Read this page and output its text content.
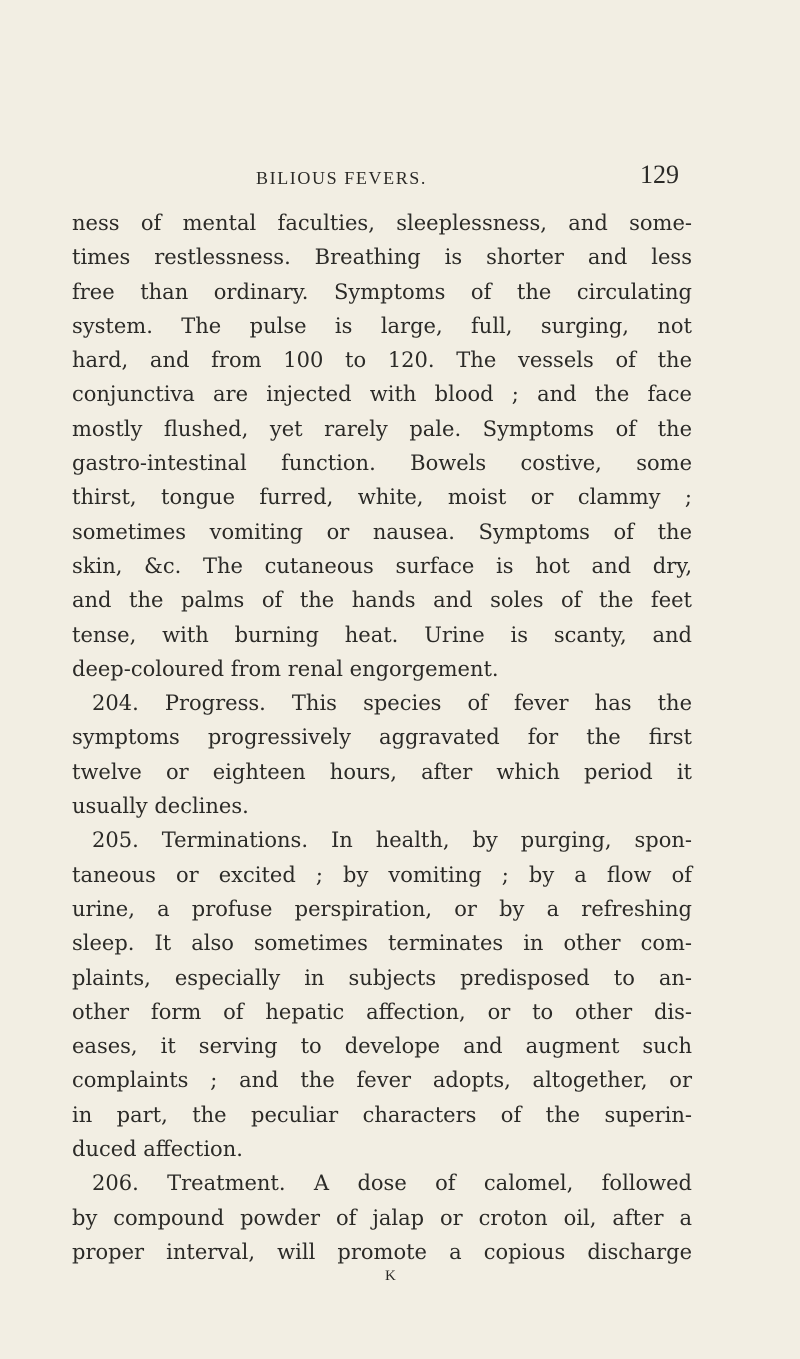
BILIOUS FEVERS.	129
ness of mental faculties, sleeplessness, and some-
times restlessness. Breathing is shorter and less
free than ordinary. Symptoms of the circulating
system. The pulse is large, full, surging, not
hard, and from 100 to 120. The vessels of the
conjunctiva are injected with blood ; and the face
mostly flushed, yet rarely pale. Symptoms of the
gastro-intestinal function. Bowels costive, some
thirst, tongue furred, white, moist or clammy ;
sometimes vomiting or nausea. Symptoms of the
skin, &c. The cutaneous surface is hot and dry,
and the palms of the hands and soles of the feet
tense, with burning heat. Urine is scanty, and
deep-coloured from renal engorgement.
204. Progress. This species of fever has the
symptoms progressively aggravated for the first
twelve or eighteen hours, after which period it
usually declines.
205. Terminations. In health, by purging, spon-
taneous or excited ; by vomiting ; by a flow of
urine, a profuse perspiration, or by a refreshing
sleep. It also sometimes terminates in other com-
plaints, especially in subjects predisposed to an-
other form of hepatic affection, or to other dis-
eases, it serving to develope and augment such
complaints ; and the fever adopts, altogether, or
in part, the peculiar characters of the superin-
duced affection.
206. Treatment. A dose of calomel, followed
by compound powder of jalap or croton oil, after a
proper interval, will promote a copious discharge
K
